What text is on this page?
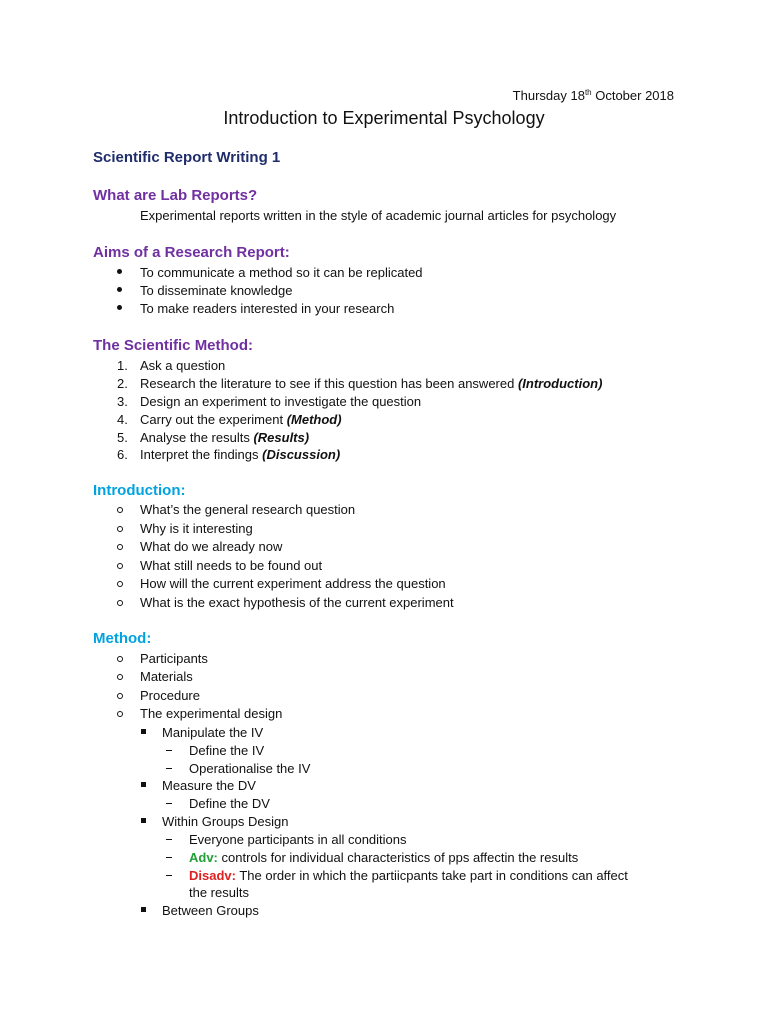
Thursday 18th October 2018
Introduction to Experimental Psychology
Scientific Report Writing 1
What are Lab Reports?
Experimental reports written in the style of academic journal articles for psychology
Aims of a Research Report:
To communicate a method so it can be replicated
To disseminate knowledge
To make readers interested in your research
The Scientific Method:
1. Ask a question
2. Research the literature to see if this question has been answered (Introduction)
3. Design an experiment to investigate the question
4. Carry out the experiment (Method)
5. Analyse the results (Results)
6. Interpret the findings (Discussion)
Introduction:
What’s the general research question
Why is it interesting
What do we already now
What still needs to be found out
How will the current experiment address the question
What is the exact hypothesis of the current experiment
Method:
Participants
Materials
Procedure
The experimental design
Manipulate the IV
Define the IV
Operationalise the IV
Measure the DV
Define the DV
Within Groups Design
Everyone participants in all conditions
Adv: controls for individual characteristics of pps affectin the results
Disadv: The order in which the partiicpants take part in conditions can affect
the results
Between Groups
